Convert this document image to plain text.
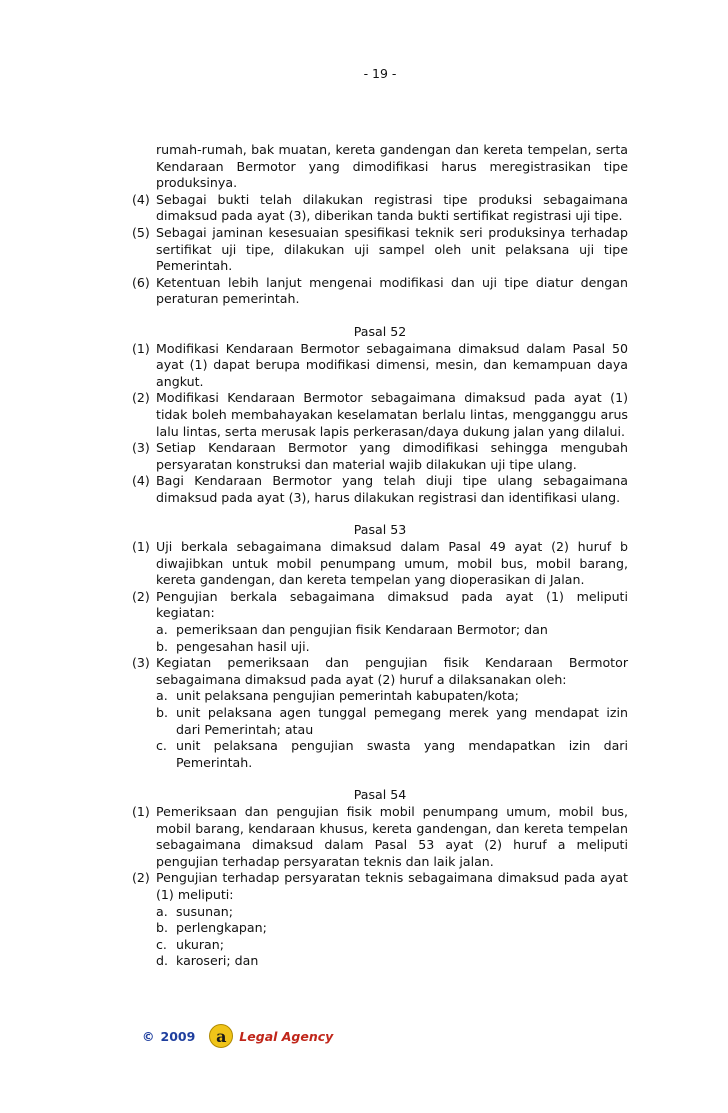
- 19 -
rumah-rumah, bak muatan, kereta gandengan dan kereta tempelan, serta Kendaraan Bermotor yang dimodifikasi harus meregistrasikan tipe produksinya.
(4) Sebagai bukti telah dilakukan registrasi tipe produksi sebagaimana dimaksud pada ayat (3), diberikan tanda bukti sertifikat registrasi uji tipe.
(5) Sebagai jaminan kesesuaian spesifikasi teknik seri produksinya terhadap sertifikat uji tipe, dilakukan uji sampel oleh unit pelaksana uji tipe Pemerintah.
(6) Ketentuan lebih lanjut mengenai modifikasi dan uji tipe diatur dengan peraturan pemerintah.
Pasal 52
(1) Modifikasi Kendaraan Bermotor sebagaimana dimaksud dalam Pasal 50 ayat (1) dapat berupa modifikasi dimensi, mesin, dan kemampuan daya angkut.
(2) Modifikasi Kendaraan Bermotor sebagaimana dimaksud pada ayat (1) tidak boleh membahayakan keselamatan berlalu lintas, mengganggu arus lalu lintas, serta merusak lapis perkerasan/daya dukung jalan yang dilalui.
(3) Setiap Kendaraan Bermotor yang dimodifikasi sehingga mengubah persyaratan konstruksi dan material wajib dilakukan uji tipe ulang.
(4) Bagi Kendaraan Bermotor yang telah diuji tipe ulang sebagaimana dimaksud pada ayat (3), harus dilakukan registrasi dan identifikasi ulang.
Pasal 53
(1) Uji berkala sebagaimana dimaksud dalam Pasal 49 ayat (2) huruf b diwajibkan untuk mobil penumpang umum, mobil bus, mobil barang, kereta gandengan, dan kereta tempelan yang dioperasikan di Jalan.
(2) Pengujian berkala sebagaimana dimaksud pada ayat (1) meliputi kegiatan:
a. pemeriksaan dan pengujian fisik Kendaraan Bermotor; dan
b. pengesahan hasil uji.
(3) Kegiatan pemeriksaan dan pengujian fisik Kendaraan Bermotor sebagaimana dimaksud pada ayat (2) huruf a dilaksanakan oleh:
a. unit pelaksana pengujian pemerintah kabupaten/kota;
b. unit pelaksana agen tunggal pemegang merek yang mendapat izin dari Pemerintah; atau
c. unit pelaksana pengujian swasta yang mendapatkan izin dari Pemerintah.
Pasal 54
(1) Pemeriksaan dan pengujian fisik mobil penumpang umum, mobil bus, mobil barang, kendaraan khusus, kereta gandengan, dan kereta tempelan sebagaimana dimaksud dalam Pasal 53 ayat (2) huruf a meliputi pengujian terhadap persyaratan teknis dan laik jalan.
(2) Pengujian terhadap persyaratan teknis sebagaimana dimaksud pada ayat (1) meliputi:
a. susunan;
b. perlengkapan;
c. ukuran;
d. karoseri; dan
© 2009	a	Legal Agency
